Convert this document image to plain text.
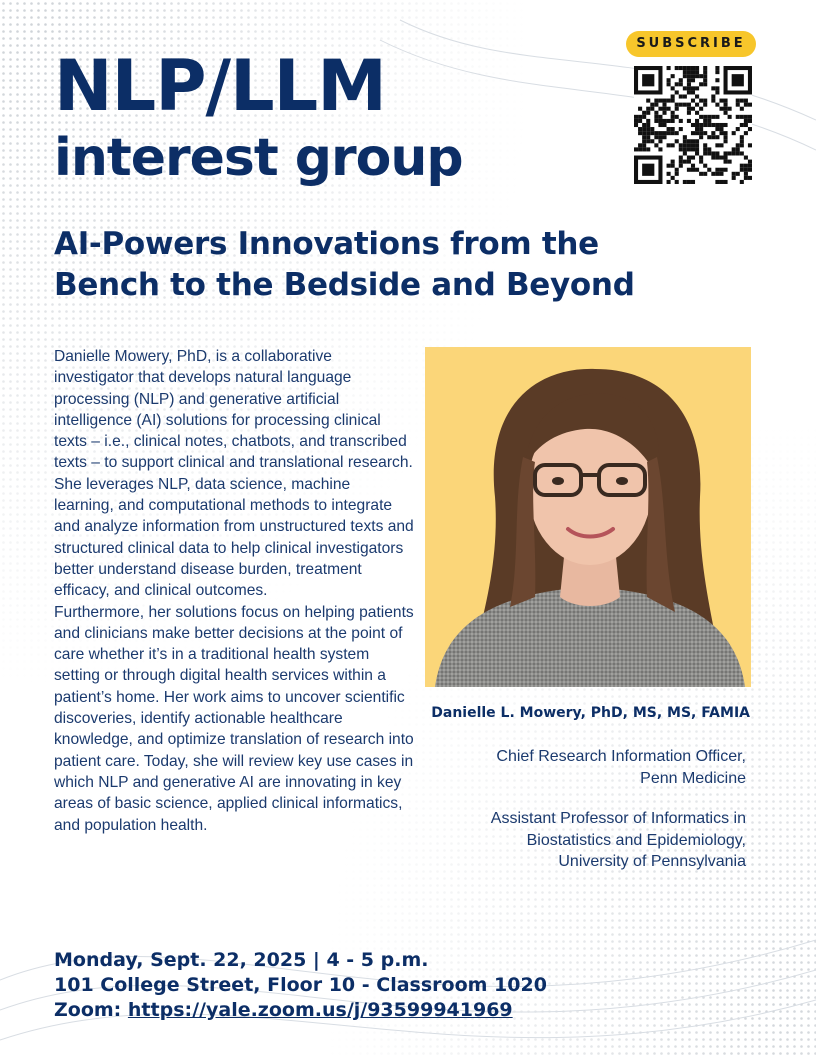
NLP/LLM
interest group
SUBSCRIBE
AI-Powers Innovations from the
Bench to the Bedside and Beyond

Danielle Mowery, PhD, is a collaborative investigator that develops natural language processing (NLP) and generative artificial intelligence (AI) solutions for processing clinical texts – i.e., clinical notes, chatbots, and transcribed texts – to support clinical and translational research. She leverages NLP, data science, machine learning, and computational methods to integrate and analyze information from unstructured texts and structured clinical data to help clinical investigators better understand disease burden, treatment efficacy, and clinical outcomes.

Furthermore, her solutions focus on helping patients and clinicians make better decisions at the point of care whether it’s in a traditional health system setting or through digital health services within a patient’s home. Her work aims to uncover scientific discoveries, identify actionable healthcare knowledge, and optimize translation of research into patient care. Today, she will review key use cases in which NLP and generative AI are innovating in key areas of basic science, applied clinical informatics, and population health.

Danielle L. Mowery, PhD, MS, MS, FAMIA
Chief Research Information Officer,
Penn Medicine
Assistant Professor of Informatics in
Biostatistics and Epidemiology,
University of Pennsylvania
Monday, Sept. 22, 2025 | 4 - 5 p.m.
101 College Street, Floor 10 - Classroom 1020
Zoom: https://yale.zoom.us/j/93599941969
